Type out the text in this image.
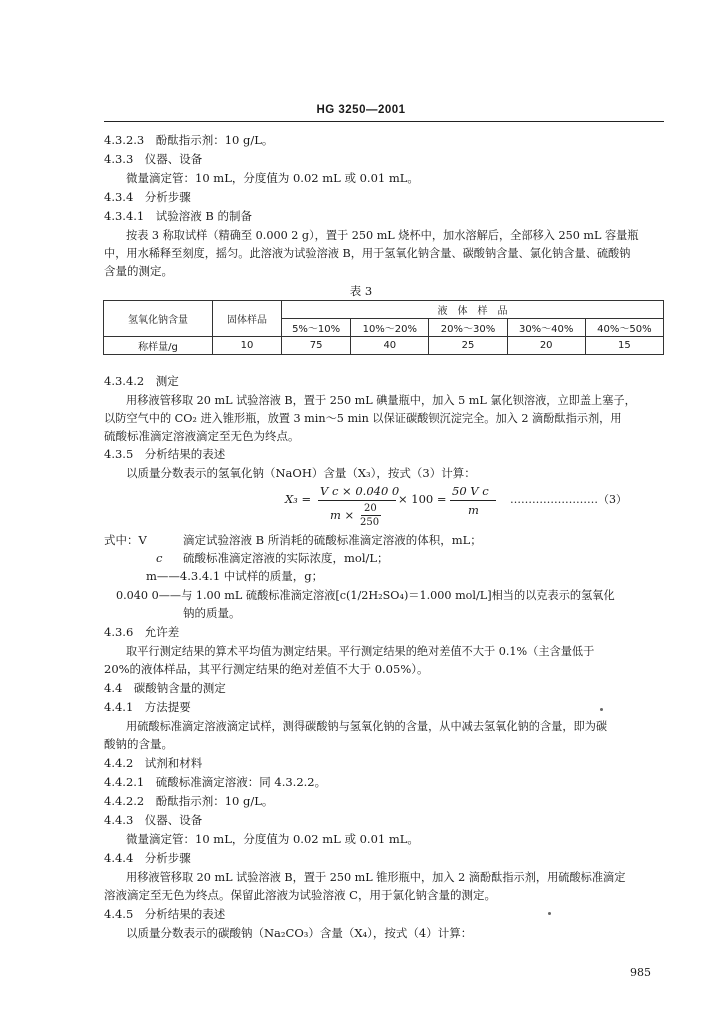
HG 3250—2001
4.3.2.3　酚酞指示剂：10 g/L。
4.3.3　仪器、设备
微量滴定管：10 mL，分度值为 0.02 mL 或 0.01 mL。
4.3.4　分析步骤
4.3.4.1　试验溶液 B 的制备
按表 3 称取试样（精确至 0.000 2 g），置于 250 mL 烧杯中，加水溶解后，全部移入 250 mL 容量瓶
中，用水稀释至刻度，摇匀。此溶液为试验溶液 B，用于氢氧化钠含量、碳酸钠含量、氯化钠含量、硫酸钠
含量的测定。
表 3
氢氧化钠含量	固体样品	液　体　样　品				
		5%～10%	10%～20%	20%～30%	30%～40%	40%～50%
称样量/g	10	75	40	25	20	15
4.3.4.2　测定
用移液管移取 20 mL 试验溶液 B，置于 250 mL 碘量瓶中，加入 5 mL 氯化钡溶液，立即盖上塞子，
以防空气中的 CO₂ 进入锥形瓶，放置 3 min～5 min 以保证碳酸钡沉淀完全。加入 2 滴酚酞指示剂，用
硫酸标准滴定溶液滴定至无色为终点。
4.3.5　分析结果的表述
以质量分数表示的氢氧化钠（NaOH）含量（X₃），按式（3）计算：
X₃ =
V c × 0.040 0
m × 20
250
× 100 =
50 V c
m
……………………（3）
式中：V	滴定试验溶液 B 所消耗的硫酸标准滴定溶液的体积，mL；
c 硫酸标准滴定溶液的实际浓度，mol/L；
m——4.3.4.1 中试样的质量，g；
0.040 0——与 1.00 mL 硫酸标准滴定溶液[c(1/2H₂SO₄)＝1.000 mol/L]相当的以克表示的氢氧化
钠的质量。
4.3.6　允许差
取平行测定结果的算术平均值为测定结果。平行测定结果的绝对差值不大于 0.1%（主含量低于
20%的液体样品，其平行测定结果的绝对差值不大于 0.05%）。
4.4　碳酸钠含量的测定
4.4.1　方法提要
用硫酸标准滴定溶液滴定试样，测得碳酸钠与氢氧化钠的含量，从中减去氢氧化钠的含量，即为碳
酸钠的含量。
4.4.2　试剂和材料
4.4.2.1　硫酸标准滴定溶液：同 4.3.2.2。
4.4.2.2　酚酞指示剂：10 g/L。
4.4.3　仪器、设备
微量滴定管：10 mL，分度值为 0.02 mL 或 0.01 mL。
4.4.4　分析步骤
用移液管移取 20 mL 试验溶液 B，置于 250 mL 锥形瓶中，加入 2 滴酚酞指示剂，用硫酸标准滴定
溶液滴定至无色为终点。保留此溶液为试验溶液 C，用于氯化钠含量的测定。
4.4.5　分析结果的表述
以质量分数表示的碳酸钠（Na₂CO₃）含量（X₄），按式（4）计算：
985
